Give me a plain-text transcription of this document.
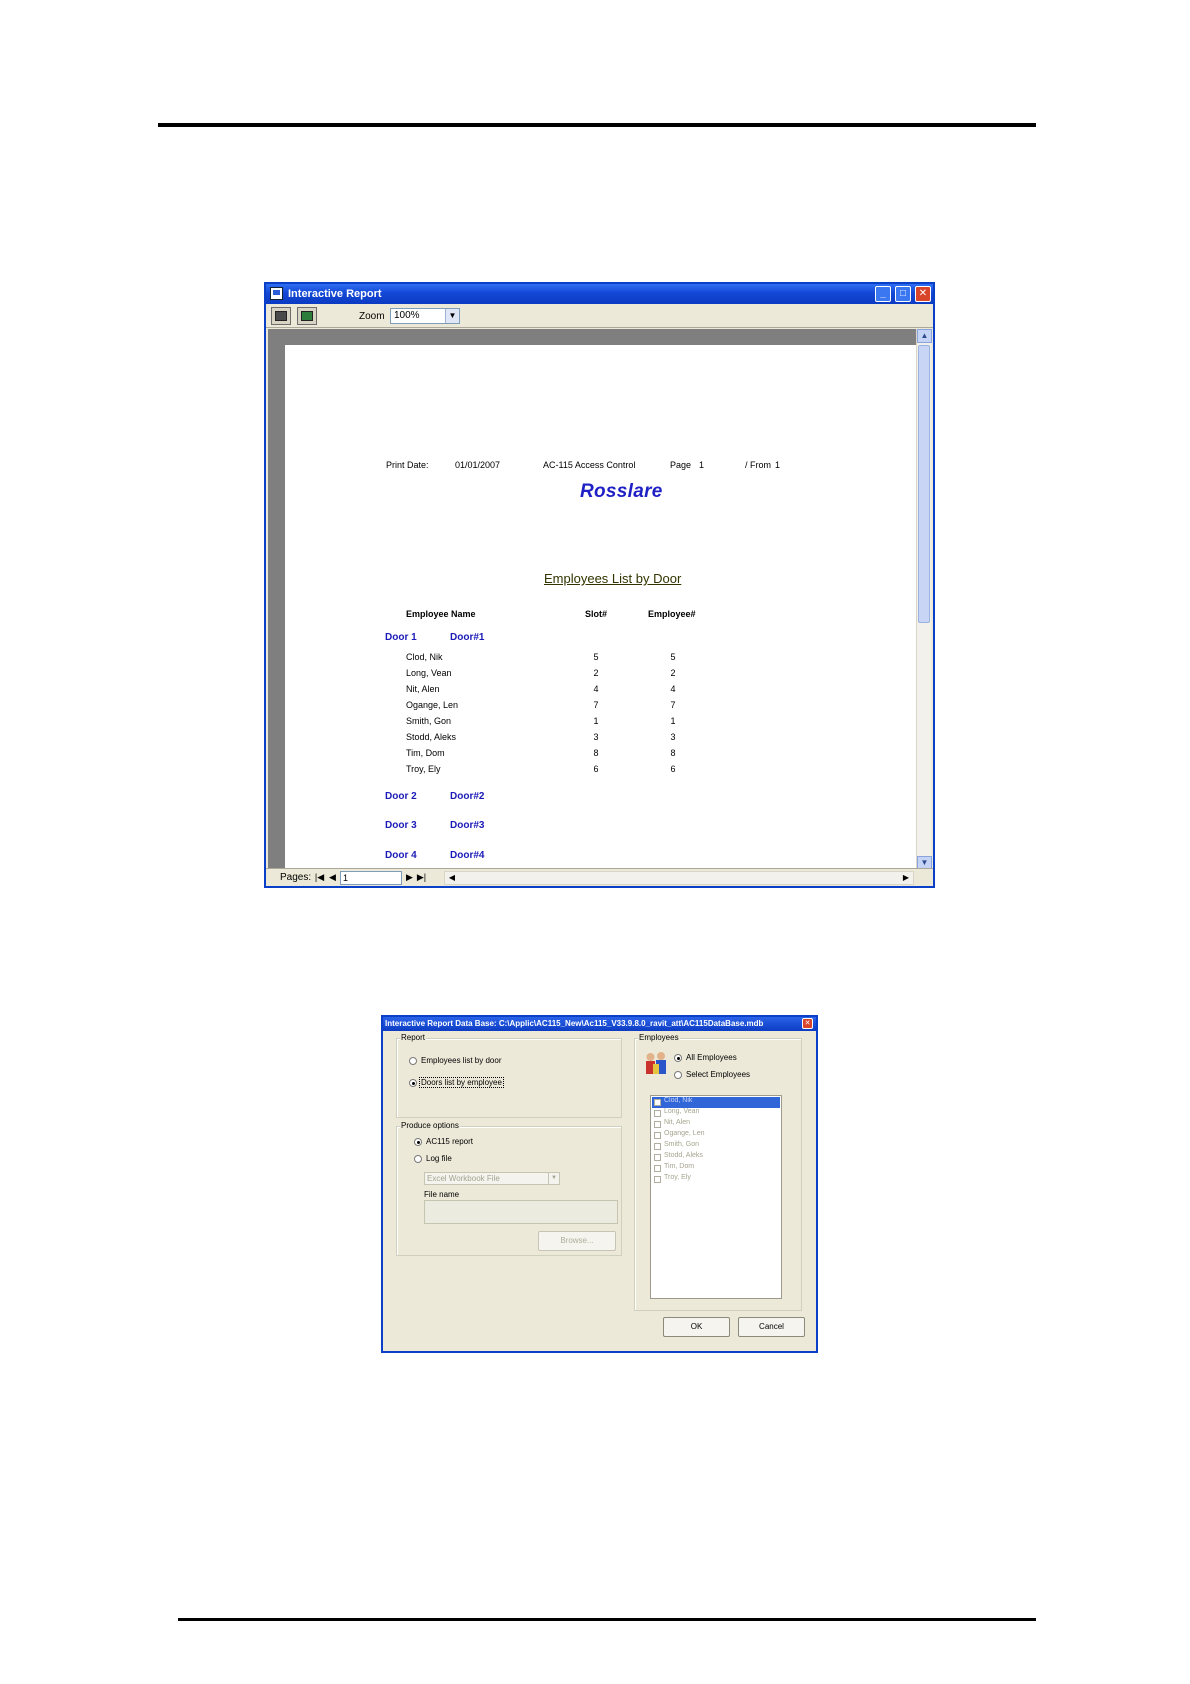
Interactive Report	_	□	✕
Zoom 100%	▼
Print Date:	01/01/2007	AC-115 Access Control	Page 1	/ From 1
Rosslare
Employees List by Door
Employee Name	Slot#	Employee#
Door 1	Door#1
Clod, Nik	5	5
Long, Vean	2	2
Nit, Alen	4	4
Ogange, Len	7	7
Smith, Gon	1	1
Stodd, Aleks	3	3
Tim, Dom	8	8
Troy, Ely	6	6
Door 2	Door#2
Door 3	Door#3
Door 4	Door#4
▲
▼
Pages: |◀ ◀ 1	▶ ▶|	◀	▶
Interactive Report Data Base: C:\Applic\AC115_New\Ac115_V33.9.8.0_ravit_att\AC115DataBase.mdb	✕
Report
Employees list by door
Doors list by employee
Produce options
AC115 report
Log file
Excel Workbook File	▼
File name
Browse...
Employees
All Employees
Select Employees
OK	Cancel
Clod, Nik
Long, Vean
Nit, Alen
Ogange, Len
Smith, Gon
Stodd, Aleks
Tim, Dom
Troy, Ely
